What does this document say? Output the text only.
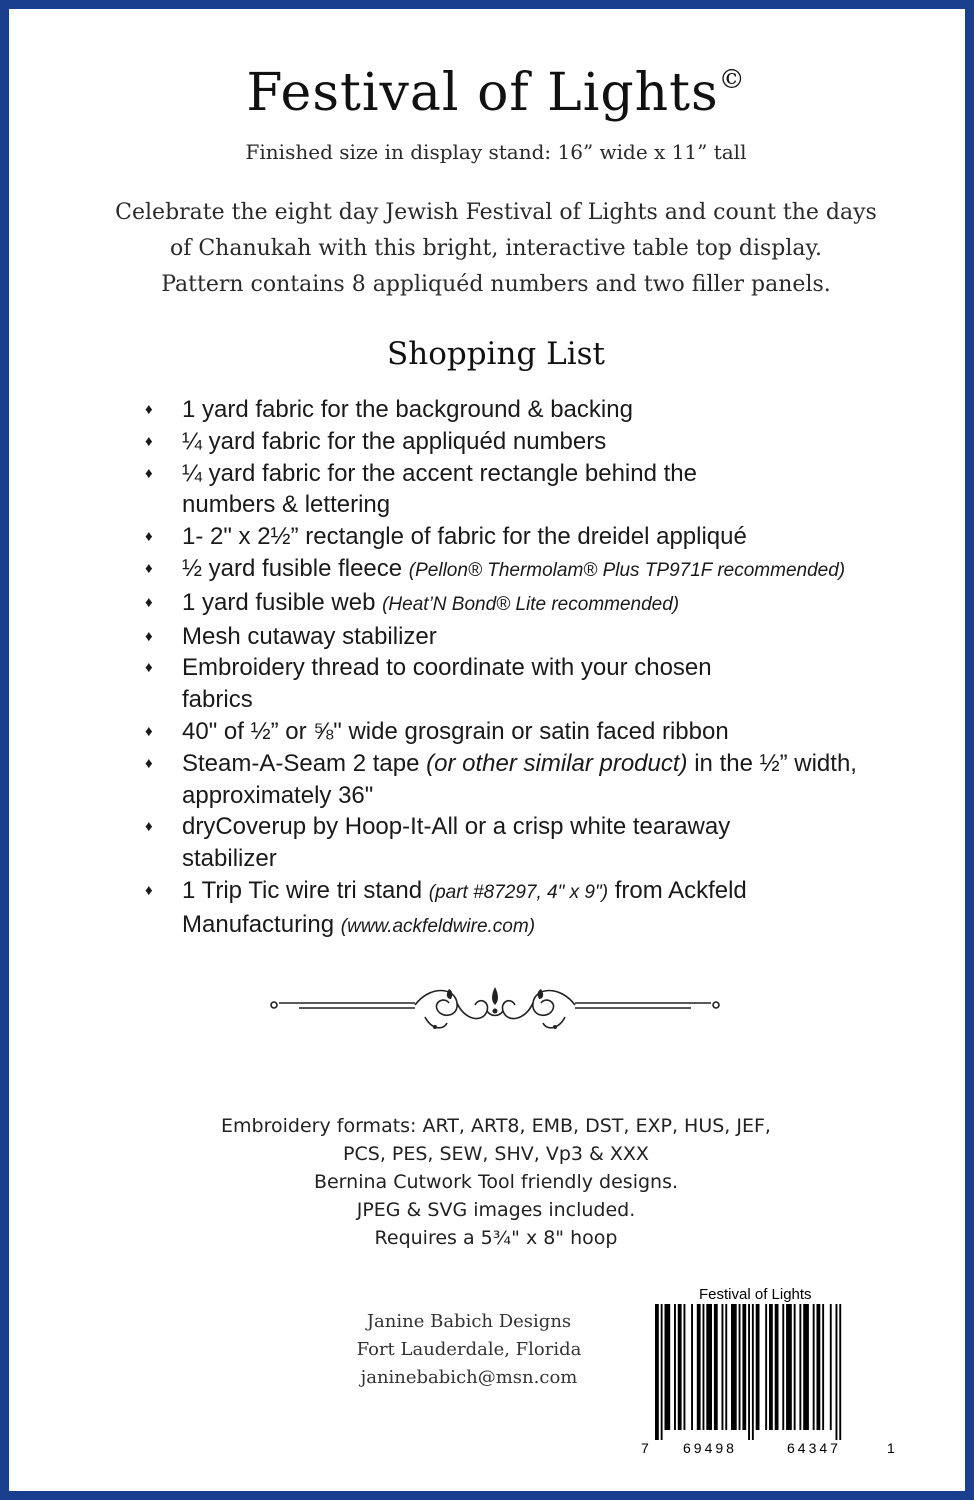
Festival of Lights©
Finished size in display stand: 16” wide x 11” tall
Celebrate the eight day Jewish Festival of Lights and count the days
of Chanukah with this bright, interactive table top display.
Pattern contains 8 appliquéd numbers and two filler panels.
Shopping List
♦ 1 yard fabric for the background & backing
♦ ¼ yard fabric for the appliquéd numbers
♦ ¼ yard fabric for the accent rectangle behind the
numbers & lettering
♦ 1- 2" x 2½” rectangle of fabric for the dreidel appliqué
♦ ½ yard fusible fleece (Pellon® Thermolam® Plus TP971F recommended)
♦ 1 yard fusible web (Heat’N Bond® Lite recommended)
♦ Mesh cutaway stabilizer
♦ Embroidery thread to coordinate with your chosen
fabrics
♦ 40" of ½” or ⅝" wide grosgrain or satin faced ribbon
♦ Steam-A-Seam 2 tape (or other similar product) in the ½” width, approximately 36"
♦ dryCoverup by Hoop-It-All or a crisp white tearaway
stabilizer
♦ 1 Trip Tic wire tri stand (part #87297, 4" x 9") from Ackfeld Manufacturing (www.ackfeldwire.com)
Embroidery formats: ART, ART8, EMB, DST, EXP, HUS, JEF,
PCS, PES, SEW, SHV, Vp3 & XXX
Bernina Cutwork Tool friendly designs.
JPEG & SVG images included.
Requires a 5¾" x 8" hoop
Janine Babich Designs
Fort Lauderdale, Florida
janinebabich@msn.com
Festival of Lights
7 69498	64347	1
